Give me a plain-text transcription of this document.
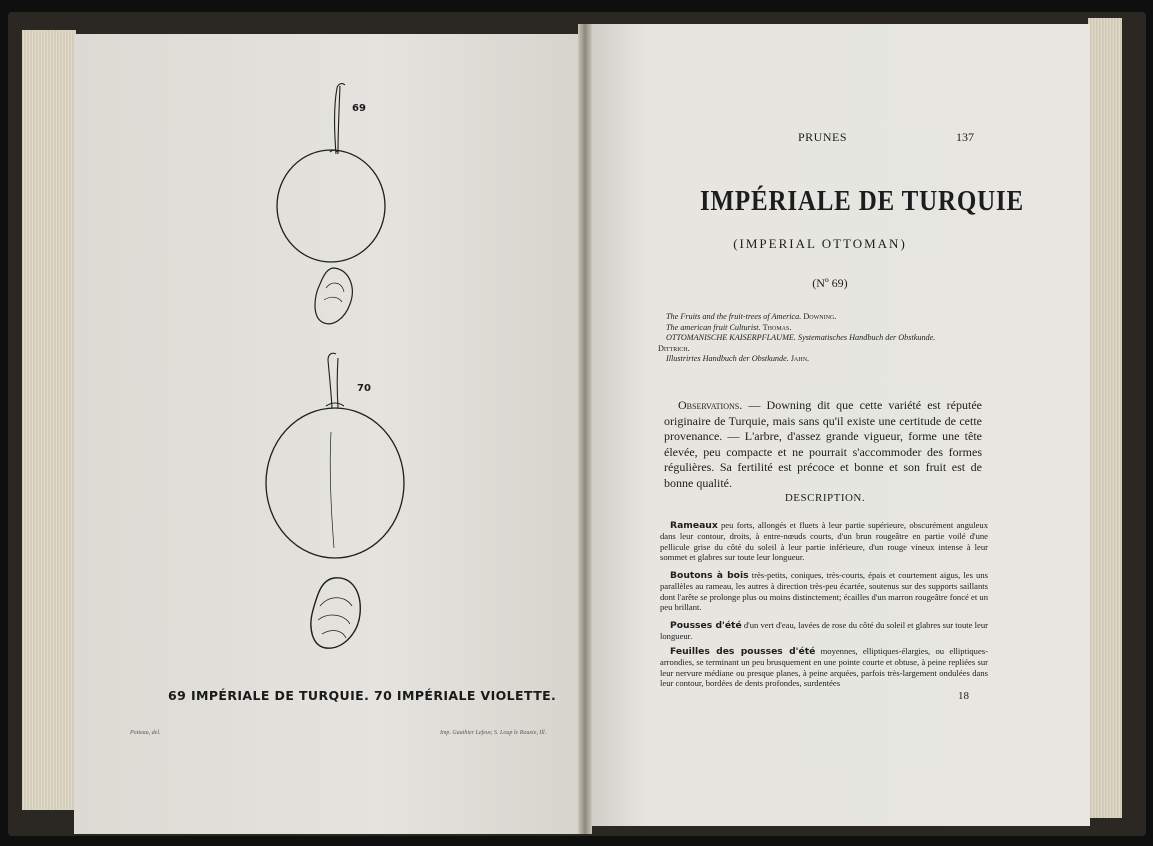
69
70
69 IMPÉRIALE DE TURQUIE. 70 IMPÉRIALE VIOLETTE.
Poiteau, del.	Imp. Gauthier Lefeuv, S. Loup le Rouxie, Ill.
PRUNES	137
IMPÉRIALE DE TURQUIE
(IMPERIAL OTTOMAN)
(Nº 69)
The Fruits and the fruit-trees of America. Downing.
The american fruit Culturist. Thomas.
OTTOMANISCHE KAISERPFLAUME. Systematisches Handbuch der Obstkunde.
Dittrich.
Illustrirtes Handbuch der Obstkunde. Jahn.
Observations. — Downing dit que cette variété est réputée originaire de Turquie, mais sans qu'il existe une certitude de cette provenance. — L'arbre, d'assez grande vigueur, forme une tête élevée, peu compacte et ne pourrait s'accommoder des formes régulières. Sa fertilité est précoce et bonne et son fruit est de bonne qualité.
DESCRIPTION.
Rameaux peu forts, allongés et fluets à leur partie supérieure, obscurément anguleux dans leur contour, droits, à entre-nœuds courts, d'un brun rougeâtre en partie voilé d'une pellicule grise du côté du soleil à leur partie inférieure, d'un rouge vineux intense à leur sommet et glabres sur toute leur longueur.
Boutons à bois très-petits, coniques, très-courts, épais et courtement aigus, les uns parallèles au rameau, les autres à direction très-peu écartée, soutenus sur des supports saillants dont l'arête se prolonge plus ou moins distinctement; écailles d'un marron rougeâtre foncé et un peu brillant.
Pousses d'été d'un vert d'eau, lavées de rose du côté du soleil et glabres sur toute leur longueur.
Feuilles des pousses d'été moyennes, elliptiques-élargies, ou elliptiques-arrondies, se terminant un peu brusquement en une pointe courte et obtuse, à peine repliées sur leur nervure médiane ou presque planes, à peine arquées, parfois très-largement ondulées dans leur contour, bordées de dents profondes, surdentées
18
